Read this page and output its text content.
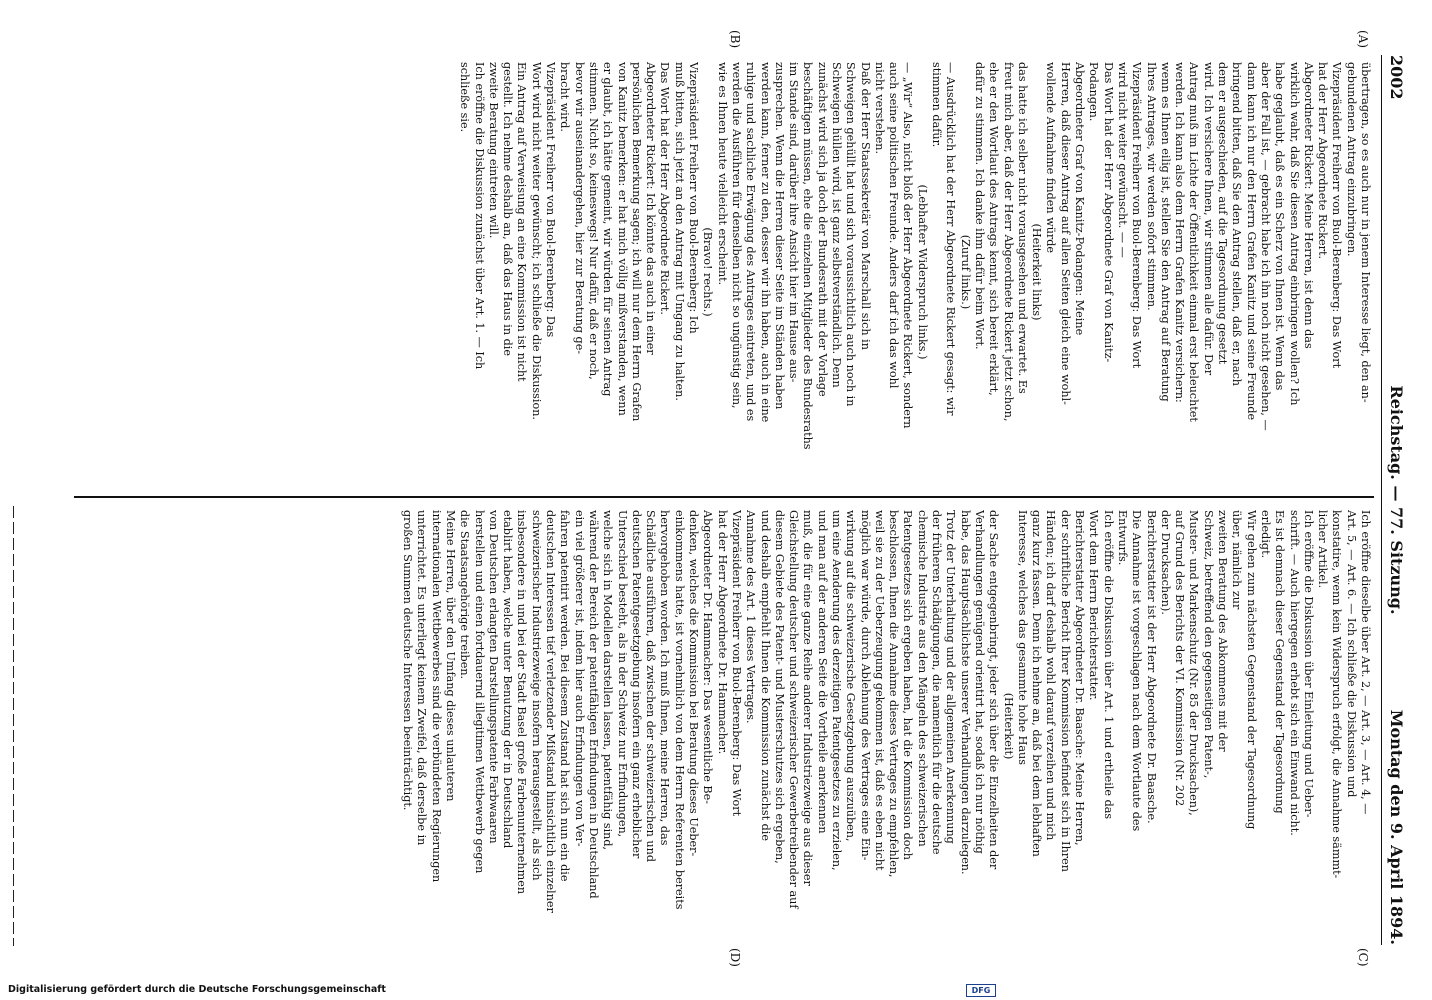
2002
Reichstag. — 77. Sitzung.
Montag den 9. April 1894.
(A)
(B)
(C)
(D)
übertragen, so es auch nur in jenem Interesse liegt, den an-
gebundenen Antrag einzubringen.
Vizepräsident Freiherr von Buol-Berenberg: Das Wort
hat der Herr Abgeordnete Rickert.
Abgeordneter Rickert: Meine Herren, ist denn das
wirklich wahr, daß Sie diesen Antrag einbringen wollen? Ich
habe geglaubt, daß es ein Scherz von Ihnen ist. Wenn das
aber der Fall ist, — gebracht habe ich ihn noch nicht gesehen, —
dann kann ich nur den Herrn Grafen Kanitz und seine Freunde
bringend bitten, daß Sie den Antrag stellen, daß er, nach
dem er ausgeschieden, auf die Tagesordnung gesetzt
wird. Ich versichere Ihnen, wir stimmen alle dafür. Der
Antrag muß im Lichte der Öffentlichkeit einmal erst beleuchtet
werden. Ich kann also dem Herrn Grafen Kanitz versichern:
wenn es Ihnen eilig ist, stellen Sie den Antrag auf Beratung
Ihres Antrages, wir werden sofort stimmen.
Vizepräsident Freiherr von Buol-Berenberg: Das Wort
wird nicht weiter gewünscht. — —
Das Wort hat der Herr Abgeordnete Graf von Kanitz-
Podangen.
Abgeordneter Graf von Kanitz-Podangen: Meine
Herren, daß dieser Antrag auf allen Seiten gleich eine wohl-
wollende Aufnahme finden würde
(Heiterkeit links)
das hatte ich selber nicht vorausgesehen und erwartet. Es
freut mich aber, daß der Herr Abgeordnete Rickert jetzt schon,
ehe er den Wortlaut des Antrags kennt, sich bereit erklärt,
dafür zu stimmen. Ich danke ihm dafür beim Wort.
(Zuruf links.)
— Ausdrücklich hat der Herr Abgeordnete Rickert gesagt: wir
stimmen dafür.
(Lebhafter Widerspruch links.)
— „Wir“ Also, nicht bloß der Herr Abgeordnete Rickert, sondern
auch seine politischen Freunde. Anders darf ich das wohl
nicht verstehen.
Daß der Herr Staatssekretär von Marschall sich in
Schweigen gehüllt hat und sich voraussichtlich auch noch in
Schweigen hüllen wird, ist ganz selbstverständlich. Denn
zunächst wird sich ja doch der Bundesrath mit der Vorlage
beschäftigen müssen, ehe die einzelnen Mitglieder des Bundesraths
im Stande sind, darüber ihre Ansicht hier im Hause aus-
zusprechen. Wenn die Herren dieser Seite im Ständen haben
werden kann, ferner zu den, desser wir ihn haben, auch in eine
ruhige und sachliche Erwägung des Antrages eintreten, und es
werden die Ausführen für denselben nicht so ungünstig sein,
wie es Ihnen heute vielleicht erscheint.
(Bravo! rechts.)
Vizepräsident Freiherr von Buol-Berenberg: Ich
muß bitten, sich jetzt an den Antrag mit Umgang zu halten.
Das Wort hat der Herr Abgeordnete Rickert.
Abgeordneter Rickert: Ich könnte das auch in einer
persönlichen Bemerkung sagen; ich will nur dem Herrn Grafen
von Kanitz bemerken: er hat mich völlig mißverstanden, wenn
er glaubt, ich hätte gemeint, wir würden für seinen Antrag
stimmen. Nicht so, keineswegs! Nur dafür, daß er noch,
bevor wir auseinandergehen, hier zur Beratung ge-
bracht wird.
Vizepräsident Freiherr von Buol-Berenberg: Das
Wort wird nicht weiter gewünscht; ich schließe die Diskussion.
Ein Antrag auf Verweisung an eine Kommission ist nicht
gestellt. Ich nehme deshalb an, daß das Haus in die
zweite Beratung eintreten will.
Ich eröffne die Diskussion zunächst über Art. 1. — Ich
schließe sie.
Ich eröffne dieselbe über Art. 2, — Art. 3, — Art. 4, —
Art. 5, — Art. 6. — Ich schließe die Diskussion und
konstatire, wenn kein Widerspruch erfolgt, die Annahme sämmt-
licher Artikel.
Ich eröffne die Diskussion über Einleitung und Ueber-
schrift. — Auch hiergegen erhebt sich ein Einwand nicht.
Es ist demnach dieser Gegenstand der Tagesordnung
erledigt.
Wir gehen zum nächsten Gegenstand der Tagesordnung
über, nämlich zur
zweiten Beratung des Abkommens mit der
Schweiz, betreffend den gegenseitigen Patent-,
Muster- und Markenschutz (Nr. 85 der Drucksachen),
auf Grund des Berichts der VI. Kommission (Nr. 202
der Drucksachen).
Berichterstatter ist der Herr Abgeordnete Dr. Baasche.
Die Annahme ist vorgeschlagen nach dem Wortlaute des
Entwurfs.
Ich eröffne die Diskussion über Art. 1 und ertheile das
Wort dem Herrn Berichterstatter.
Berichterstatter Abgeordneter Dr. Baasche: Meine Herren,
der schriftliche Bericht Ihrer Kommission befindet sich in Ihren
Händen; ich darf deshalb wohl darauf verzeihen und mich
ganz kurz fassen. Denn ich nehme an, daß bei dem lebhaften
Interesse, welches das gesammte hohe Haus
(Heiterkeit)
der Sache entgegenbringt, jeder sich über die Einzelheiten der
Verhandlungen genügend orientirt hat, sodaß ich nur nöthig
habe, das Hauptsächlichste unserer Verhandlungen darzulegen.
Trotz der Unterhaltung und der allgemeinen Anerkennung
der früheren Schädigungen, die namentlich für die deutsche
chemische Industrie aus den Mängeln des schweizerischen
Patentgesetzes sich ergeben haben, hat die Kommission doch
beschlossen, Ihnen die Annahme dieses Vertrages zu empfehlen,
weil sie zu der Ueberzeugung gekommen ist, daß es eben nicht
möglich war würde, durch Ablehnung des Vertrages eine Ein-
wirkung auf die schweizerische Gesetzgebung auszuüben,
um eine Aenderung des derzeitigen Patentgesetzes zu erzielen,
und man auf der anderen Seite die Vortheile anerkennen
muß, die für eine ganze Reihe anderer Industriezweige aus dieser
Gleichstellung deutscher und schweizerischer Gewerbetreibender auf
diesem Gebiete des Patent- und Musterschutzes sich ergeben,
und deshalb empfiehlt Ihnen die Kommission zunächst die
Annahme des Art. 1 dieses Vertrages.
Vizepräsident Freiherr von Buol-Berenberg: Das Wort
hat der Herr Abgeordnete Dr. Hammacher.
Abgeordneter Dr. Hammacher: Das wesentliche Be-
denken, welches die Kommission bei Beratung dieses Ueber-
einkommens hatte, ist vornehmlich von dem Herrn Referenten bereits
hervorgehoben worden. Ich muß Ihnen, meine Herren, das
Schädliche ausführen, daß zwischen der schweizerischen und
deutschen Patentgesetzgebung insofern ein ganz erheblicher
Unterschied besteht, als in der Schweiz nur Erfindungen,
welche sich in Modellen darstellen lassen, patentfähig sind,
während der Bereich der patentfähigen Erfindungen in Deutschland
ein viel größerer ist, indem hier auch Erfindungen von Ver-
fahren patentirt werden. Bei diesem Zustand hat sich nun ein die
deutschen Interessen tief verletzender Mißstand hinsichtlich einzelner
schweizerischer Industriezweige insofern herausgestellt, als sich
insbesondere in und bei der Stadt Basel große Farbenunternehmen
etablirt haben, welche unter Benutzung der in Deutschland
von Deutschen erlangten Darstellungspatente Farbwaaren
herstellen und einen fortdauernd illegitimen Wettbewerb gegen
die Staatsangehörige treiben.
Meine Herren, über den Umfang dieses unlauteren
internationalen Wettbewerbes sind die verbündeten Regierungen
unterrichtet. Es unterliegt keinem Zweifel, daß derselbe in
großen Summen deutsche Interessen beeinträchtigt.
Digitalisierung gefördert durch die Deutsche Forschungsgemeinschaft	DFG
